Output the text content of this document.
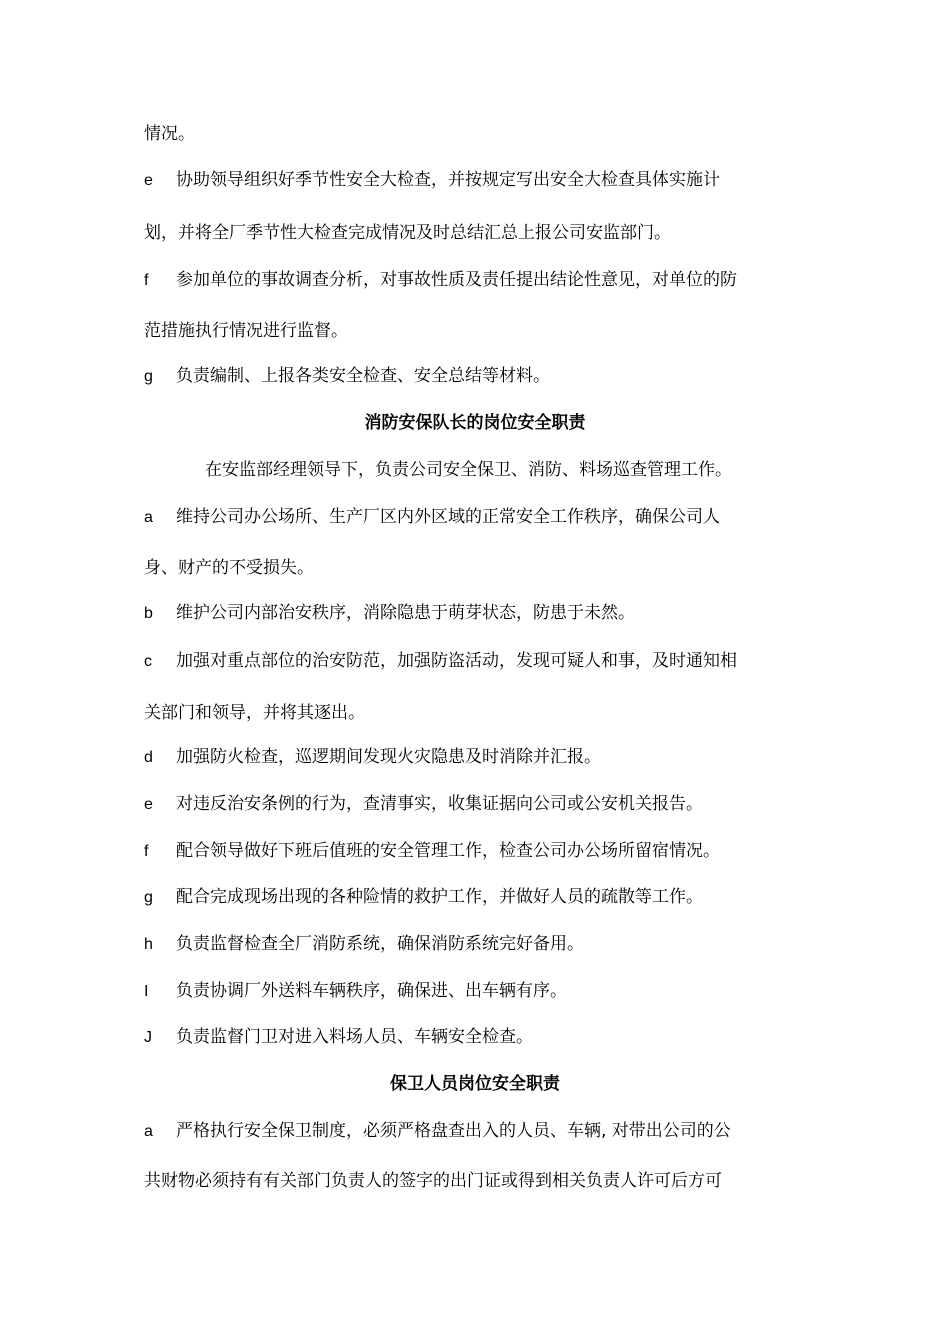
情况。
e 协助领导组织好季节性安全大检查，并按规定写出安全大检查具体实施计
划，并将全厂季节性大检查完成情况及时总结汇总上报公司安监部门。
f 参加单位的事故调查分析，对事故性质及责任提出结论性意见，对单位的防
范措施执行情况进行监督。
g 负责编制、上报各类安全检查、安全总结等材料。
消防安保队长的岗位安全职责
在安监部经理领导下，负责公司安全保卫、消防、料场巡查管理工作。
a 维持公司办公场所、生产厂区内外区域的正常安全工作秩序，确保公司人
身、财产的不受损失。
b 维护公司内部治安秩序，消除隐患于萌芽状态，防患于未然。
c 加强对重点部位的治安防范，加强防盗活动，发现可疑人和事，及时通知相
关部门和领导，并将其逐出。
d 加强防火检查，巡逻期间发现火灾隐患及时消除并汇报。
e 对违反治安条例的行为，查清事实，收集证据向公司或公安机关报告。
f 配合领导做好下班后值班的安全管理工作，检查公司办公场所留宿情况。
g 配合完成现场出现的各种险情的救护工作，并做好人员的疏散等工作。
h 负责监督检查全厂消防系统，确保消防系统完好备用。
I 负责协调厂外送料车辆秩序，确保进、出车辆有序。
J 负责监督门卫对进入料场人员、车辆安全检查。
保卫人员岗位安全职责
a 严格执行安全保卫制度，必须严格盘查出入的人员、车辆, 对带出公司的公
共财物必须持有有关部门负责人的签字的出门证或得到相关负责人许可后方可
